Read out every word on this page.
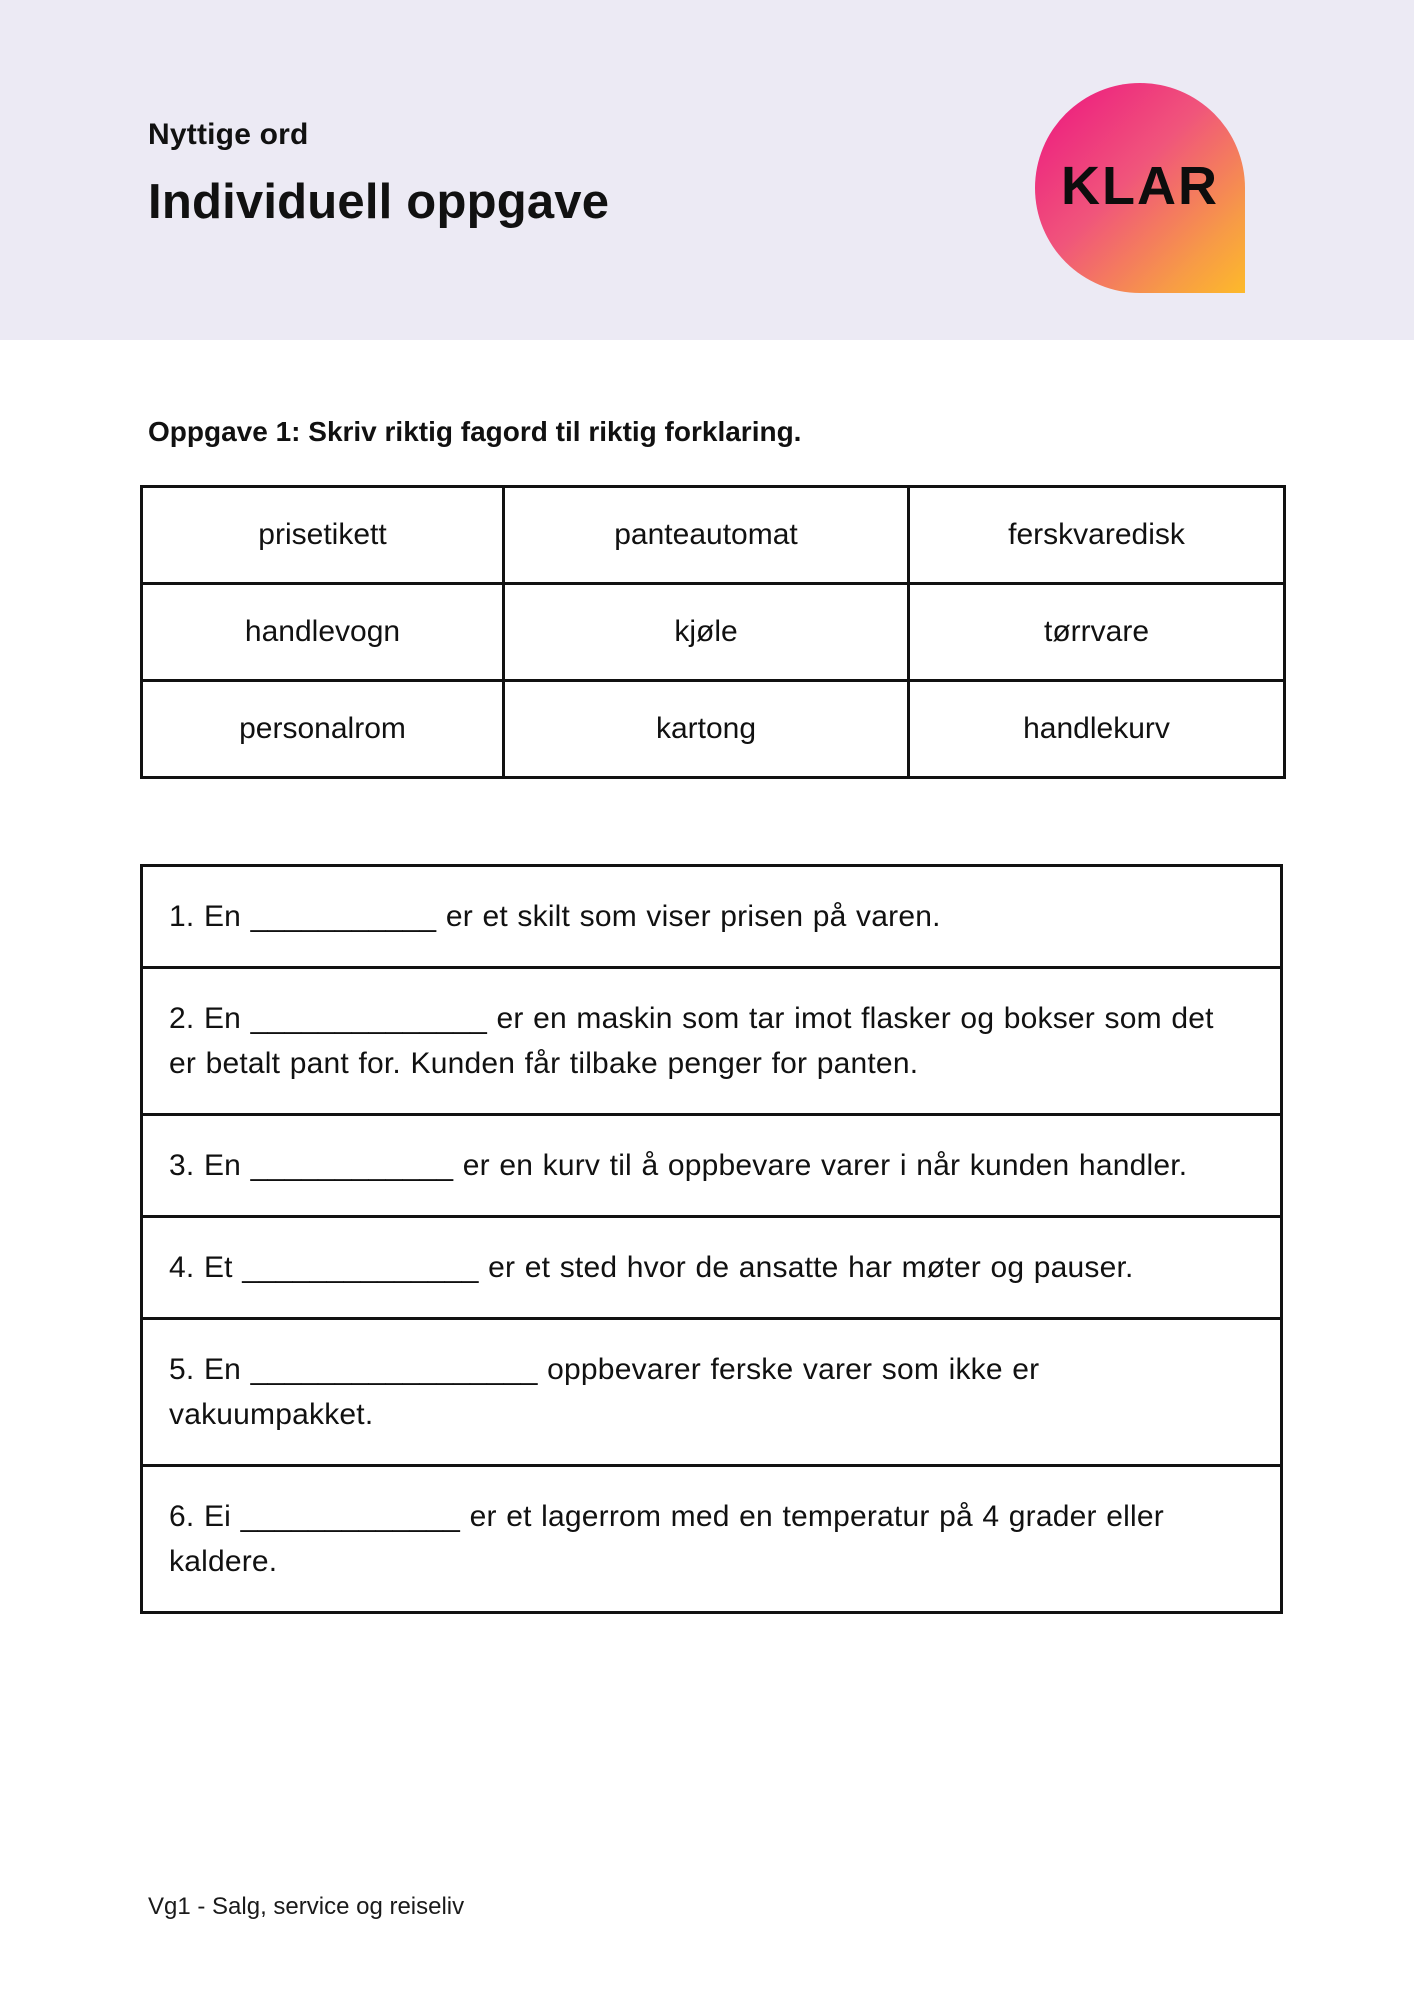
Nyttige ord

Individuell oppgave	KLAR

Oppgave 1: Skriv riktig fagord til riktig forklaring.

prisetikett	panteautomat	ferskvaredisk
handlevogn	kjøle	tørrvare
personalrom	kartong	handlekurv
1. En ___________ er et skilt som viser prisen på varen.
2. En ______________ er en maskin som tar imot flasker og bokser som det er betalt pant for. Kunden får tilbake penger for panten.
3. En ____________ er en kurv til å oppbevare varer i når kunden handler.
4. Et ______________ er et sted hvor de ansatte har møter og pauser.
5. En _________________ oppbevarer ferske varer som ikke er vakuumpakket.
6. Ei _____________ er et lagerrom med en temperatur på 4 grader eller kaldere.
Vg1 - Salg, service og reiseliv
